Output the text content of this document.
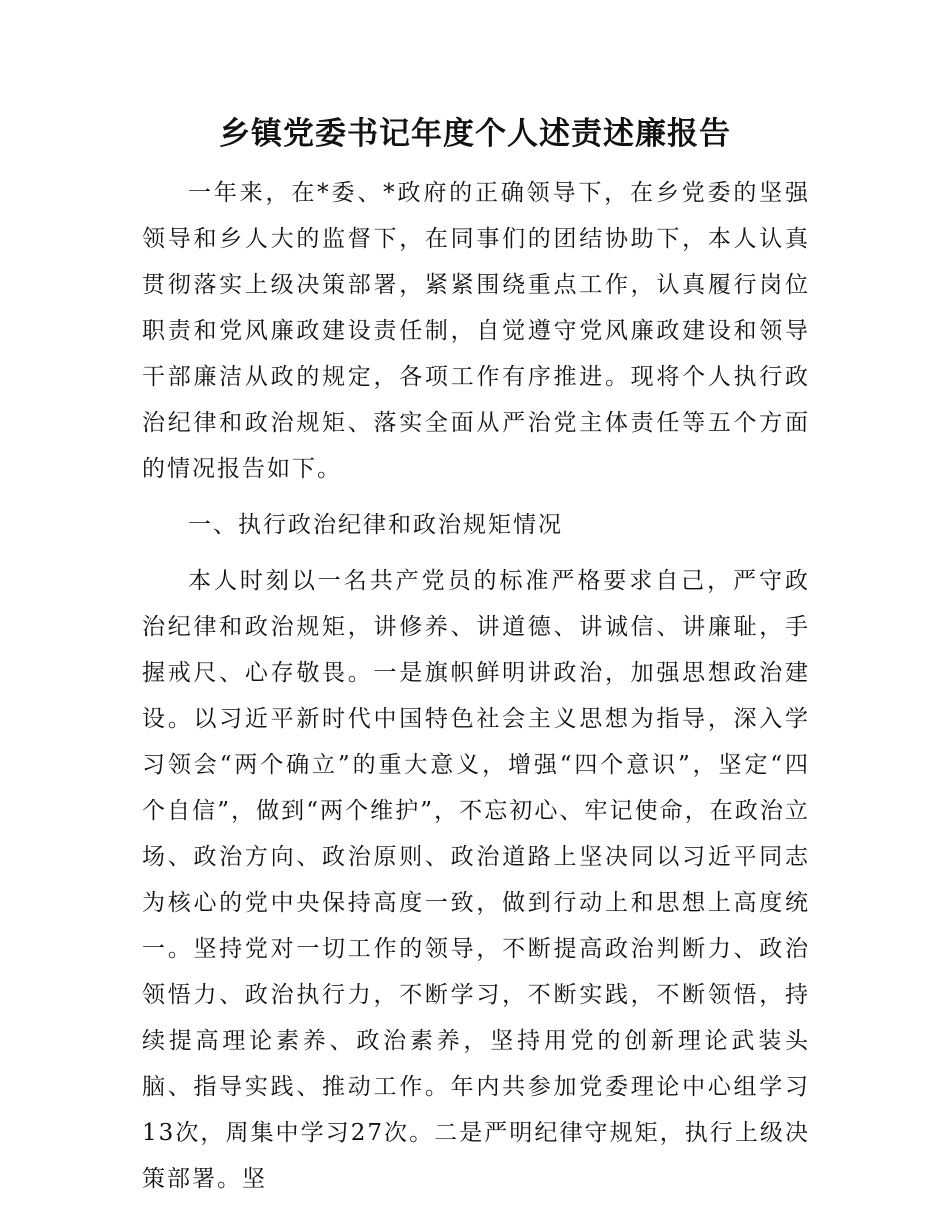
乡镇党委书记年度个人述责述廉报告

一年来，在*委、*政府的正确领导下，在乡党委的坚强领导和乡人大的监督下，在同事们的团结协助下，本人认真贯彻落实上级决策部署，紧紧围绕重点工作，认真履行岗位职责和党风廉政建设责任制，自觉遵守党风廉政建设和领导干部廉洁从政的规定，各项工作有序推进。现将个人执行政治纪律和政治规矩、落实全面从严治党主体责任等五个方面的情况报告如下。

一、执行政治纪律和政治规矩情况

本人时刻以一名共产党员的标准严格要求自己，严守政治纪律和政治规矩，讲修养、讲道德、讲诚信、讲廉耻，手握戒尺、心存敬畏。一是旗帜鲜明讲政治，加强思想政治建设。以习近平新时代中国特色社会主义思想为指导，深入学习领会“两个确立”的重大意义，增强“四个意识”，坚定“四个自信”，做到“两个维护”，不忘初心、牢记使命，在政治立场、政治方向、政治原则、政治道路上坚决同以习近平同志为核心的党中央保持高度一致，做到行动上和思想上高度统一。坚持党对一切工作的领导，不断提高政治判断力、政治领悟力、政治执行力，不断学习，不断实践，不断领悟，持续提高理论素养、政治素养，坚持用党的创新理论武装头脑、指导实践、推动工作。年内共参加党委理论中心组学习13次，周集中学习27次。二是严明纪律守规矩，执行上级决策部署。坚
